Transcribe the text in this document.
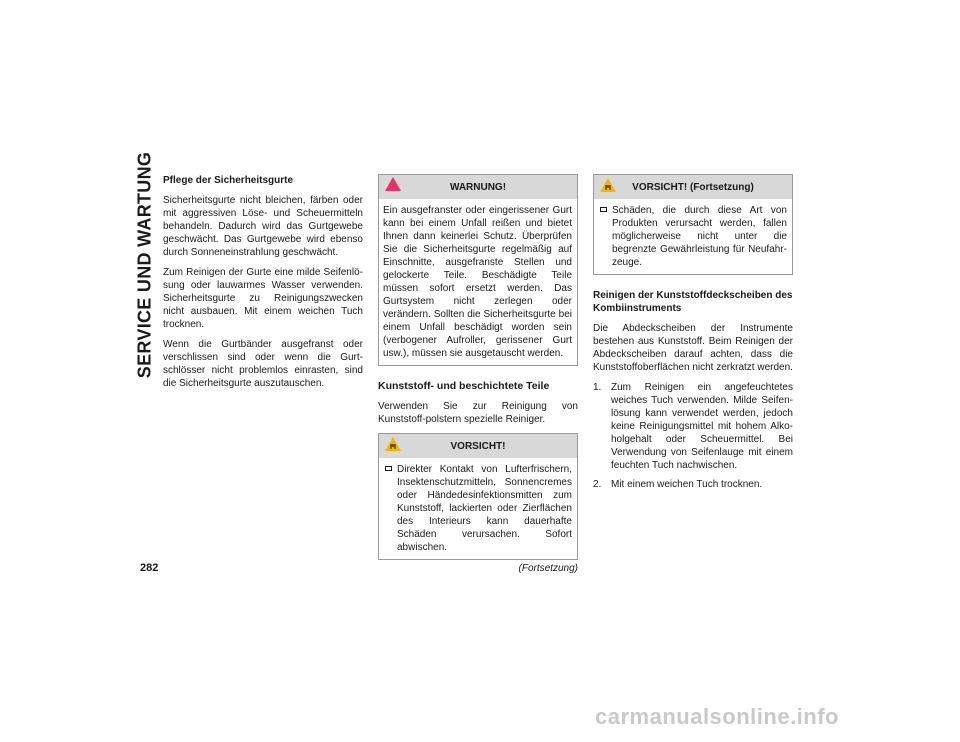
SERVICE UND WARTUNG Pflege der Sicherheitsgurte

Sicherheitsgurte nicht bleichen, färben oder mit aggressiven Löse- und Scheuermitteln behandeln. Dadurch wird das Gurtgewebe geschwächt. Das Gurtgewebe wird ebenso durch Sonneneinstrahlung geschwächt.

Zum Reinigen der Gurte eine milde Seifenlö-sung oder lauwarmes Wasser verwenden. Sicherheitsgurte zu Reinigungszwecken nicht ausbauen. Mit einem weichen Tuch trocknen.

Wenn die Gurtbänder ausgefranst oder verschlissen sind oder wenn die Gurt-schlösser nicht problemlos einrasten, sind die Sicherheitsgurte auszutauschen.

WARNUNG!
Ein ausgefranster oder eingerissener Gurt kann bei einem Unfall reißen und bietet Ihnen dann keinerlei Schutz. Überprüfen Sie die Sicherheitsgurte regelmäßig auf Einschnitte, ausgefranste Stellen und gelockerte Teile. Beschädigte Teile müssen sofort ersetzt werden. Das Gurtsystem nicht zerlegen oder verändern. Sollten die Sicherheitsgurte bei einem Unfall beschädigt worden sein (verbogener Aufroller, gerissener Gurt usw.), müssen sie ausgetauscht werden.
Kunststoff- und beschichtete Teile

Verwenden Sie zur Reinigung von Kunststoff-polstern spezielle Reiniger.

VORSICHT!
Direkter Kontakt von Lufterfrischern, Insektenschutzmitteln, Sonnencremes oder Händedesinfektionsmitten zum Kunststoff, lackierten oder Zierflächen des Interieurs kann dauerhafte Schäden verursachen. Sofort abwischen.
(Fortsetzung)
VORSICHT! (Fortsetzung)
Schäden, die durch diese Art von Produkten verursacht werden, fallen möglicherweise nicht unter die begrenzte Gewährleistung für Neufahr-zeuge.
Reinigen der Kunststoffdeckscheiben des Kombiinstruments

Die Abdeckscheiben der Instrumente bestehen aus Kunststoff. Beim Reinigen der Abdeckscheiben darauf achten, dass die Kunststoffoberflächen nicht zerkratzt werden.

1. Zum Reinigen ein angefeuchtetes weiches Tuch verwenden. Milde Seifen-lösung kann verwendet werden, jedoch keine Reinigungsmittel mit hohem Alko-holgehalt oder Scheuermittel. Bei Verwendung von Seifenlauge mit einem feuchten Tuch nachwischen.
2. Mit einem weichen Tuch trocknen.
282
carmanualsonline.info
